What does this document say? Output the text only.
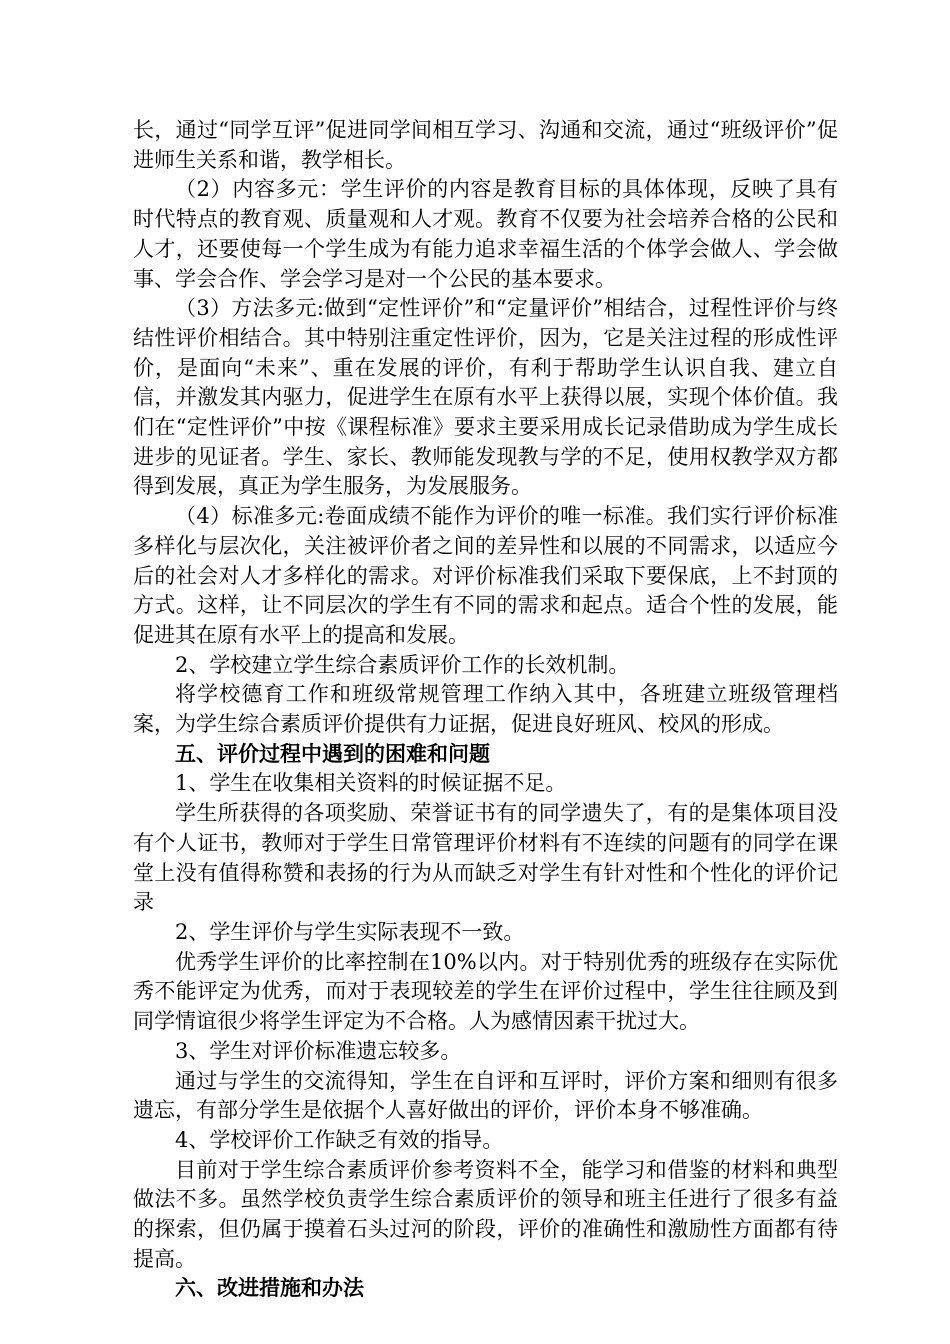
长，通过“同学互评”促进同学间相互学习、沟通和交流，通过“班级评价”促进师生关系和谐，教学相长。

（2）内容多元：学生评价的内容是教育目标的具体体现，反映了具有时代特点的教育观、质量观和人才观。教育不仅要为社会培养合格的公民和人才，还要使每一个学生成为有能力追求幸福生活的个体学会做人、学会做事、学会合作、学会学习是对一个公民的基本要求。

（3）方法多元:做到“定性评价”和“定量评价”相结合，过程性评价与终结性评价相结合。其中特别注重定性评价，因为，它是关注过程的形成性评价，是面向“未来”、重在发展的评价，有利于帮助学生认识自我、建立自信，并激发其内驱力，促进学生在原有水平上获得以展，实现个体价值。我们在“定性评价”中按《课程标准》要求主要采用成长记录借助成为学生成长进步的见证者。学生、家长、教师能发现教与学的不足，使用权教学双方都得到发展，真正为学生服务，为发展服务。

（4）标准多元:卷面成绩不能作为评价的唯一标准。我们实行评价标准多样化与层次化，关注被评价者之间的差异性和以展的不同需求，以适应今后的社会对人才多样化的需求。对评价标准我们采取下要保底，上不封顶的方式。这样，让不同层次的学生有不同的需求和起点。适合个性的发展，能促进其在原有水平上的提高和发展。

2、学校建立学生综合素质评价工作的长效机制。

将学校德育工作和班级常规管理工作纳入其中，各班建立班级管理档案，为学生综合素质评价提供有力证据，促进良好班风、校风的形成。

五、评价过程中遇到的困难和问题

1、学生在收集相关资料的时候证据不足。

学生所获得的各项奖励、荣誉证书有的同学遗失了，有的是集体项目没有个人证书，教师对于学生日常管理评价材料有不连续的问题有的同学在课堂上没有值得称赞和表扬的行为从而缺乏对学生有针对性和个性化的评价记录

2、学生评价与学生实际表现不一致。

优秀学生评价的比率控制在10%以内。对于特别优秀的班级存在实际优秀不能评定为优秀，而对于表现较差的学生在评价过程中，学生往往顾及到同学情谊很少将学生评定为不合格。人为感情因素干扰过大。

3、学生对评价标准遗忘较多。

通过与学生的交流得知，学生在自评和互评时，评价方案和细则有很多遗忘，有部分学生是依据个人喜好做出的评价，评价本身不够准确。

4、学校评价工作缺乏有效的指导。

目前对于学生综合素质评价参考资料不全，能学习和借鉴的材料和典型做法不多。虽然学校负责学生综合素质评价的领导和班主任进行了很多有益的探索，但仍属于摸着石头过河的阶段，评价的准确性和激励性方面都有待提高。

六、改进措施和办法
